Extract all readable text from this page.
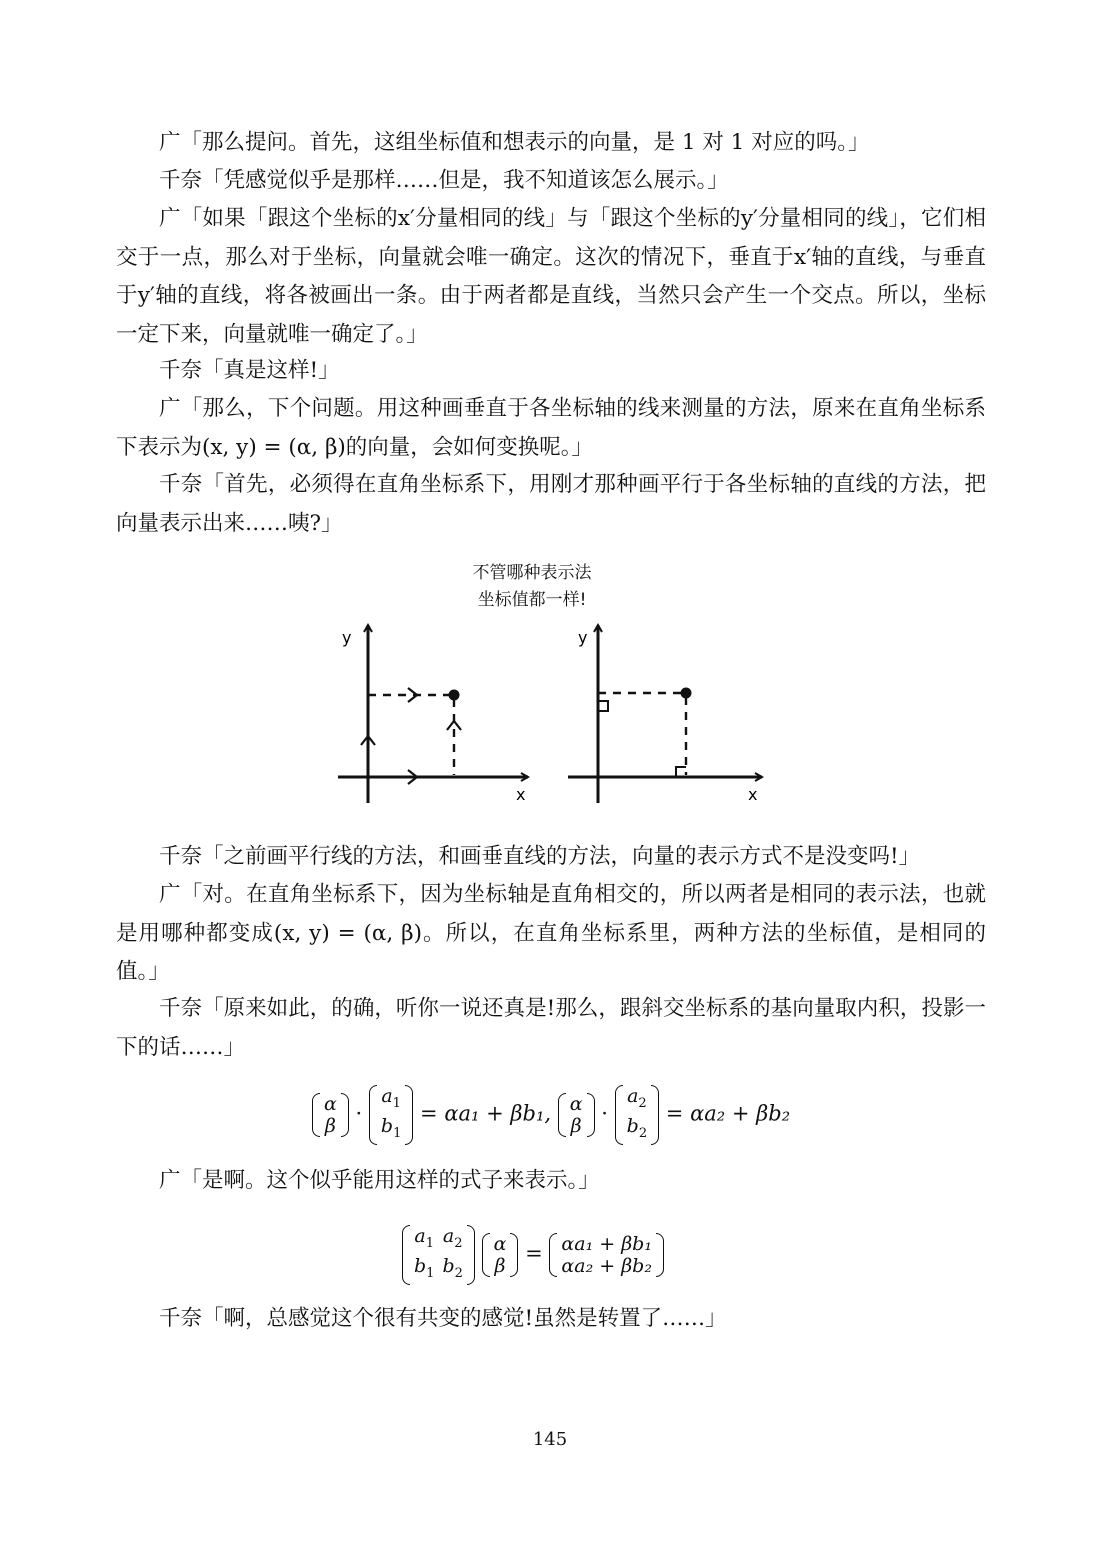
广「那么提问。首先，这组坐标值和想表示的向量，是 1 对 1 对应的吗。」

千奈「凭感觉似乎是那样……但是，我不知道该怎么展示。」

广「如果「跟这个坐标的x′分量相同的线」与「跟这个坐标的y′分量相同的线」，它们相交于一点，那么对于坐标，向量就会唯一确定。这次的情况下，垂直于x′轴的直线，与垂直于y′轴的直线，将各被画出一条。由于两者都是直线，当然只会产生一个交点。所以，坐标一定下来，向量就唯一确定了。」

千奈「真是这样!」

广「那么，下个问题。用这种画垂直于各坐标轴的线来测量的方法，原来在直角坐标系下表示为(x, y) = (α, β)的向量，会如何变换呢。」

千奈「首先，必须得在直角坐标系下，用刚才那种画平行于各坐标轴的直线的方法，把向量表示出来……咦?」

不管哪种表示法
坐标值都一样!
y
x
y
x

千奈「之前画平行线的方法，和画垂直线的方法，向量的表示方式不是没变吗!」

广「对。在直角坐标系下，因为坐标轴是直角相交的，所以两者是相同的表示法，也就是用哪种都变成(x, y) = (α, β)。所以，在直角坐标系里，两种方法的坐标值，是相同的值。」

千奈「原来如此，的确，听你一说还真是!那么，跟斜交坐标系的基向量取内积，投影一下的话……」

α
β
·
$a_1$
$b_1$
= αa₁ + βb₁, α
β
·
$a_2$
$b_2$
= αa₂ + βb₂

广「是啊。这个似乎能用这样的式子来表示。」

$a_1$	$a_2$
$b_1$	$b_2$

α
β
= αa₁ + βb₁
αa₂ + βb₂

千奈「啊，总感觉这个很有共变的感觉!虽然是转置了……」

145
